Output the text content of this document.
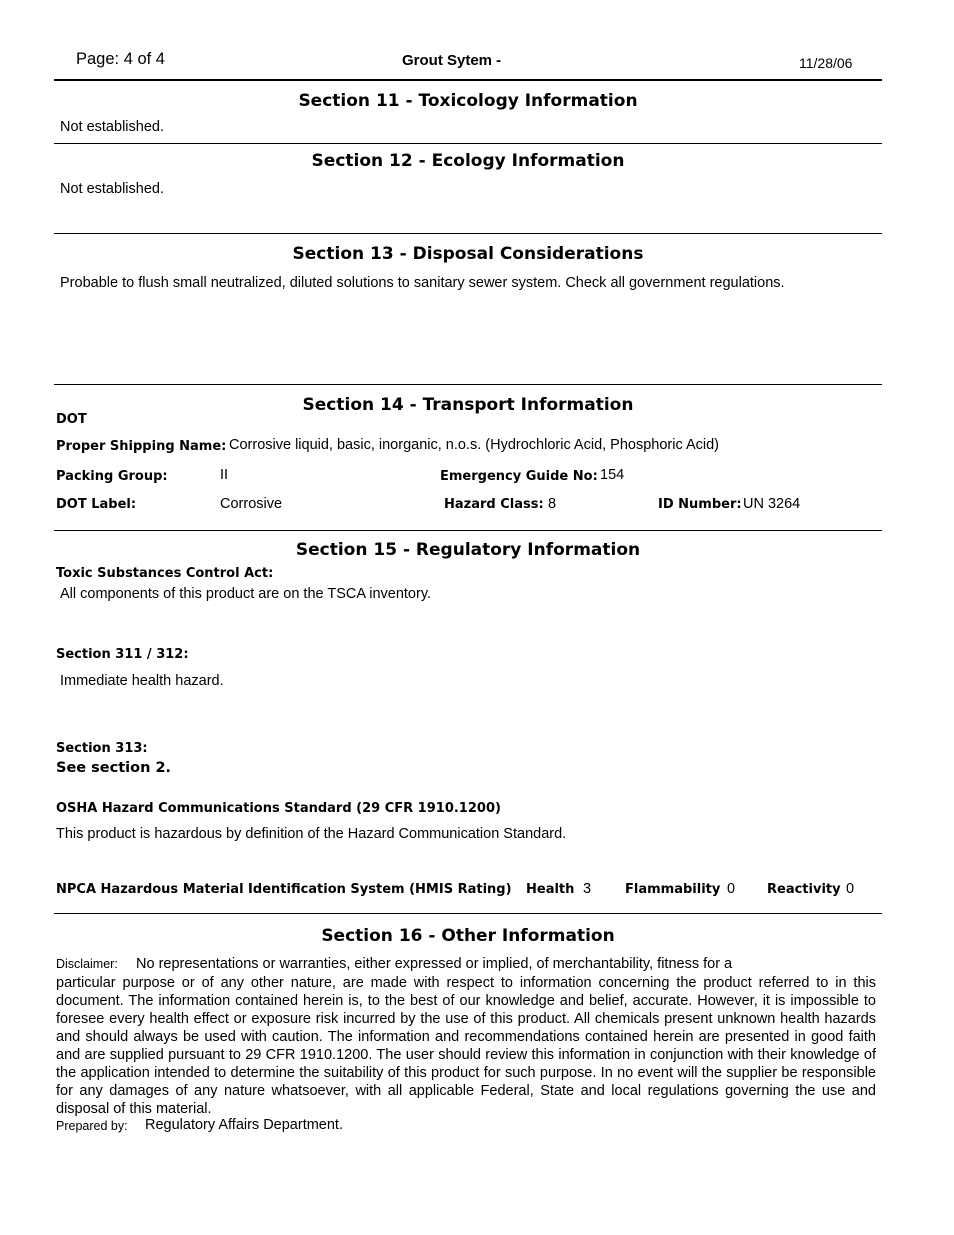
Page: 4 of 4	Grout Sytem -	11/28/06
Section 11 - Toxicology Information
Not established.
Section 12 - Ecology Information
Not established.
Section 13 - Disposal Considerations
Probable to flush small neutralized, diluted solutions to sanitary sewer system. Check all government regulations.
Section 14 - Transport Information
DOT
Proper Shipping Name: Corrosive liquid, basic, inorganic, n.o.s. (Hydrochloric Acid, Phosphoric Acid)
Packing Group:	II	Emergency Guide No: 154
DOT Label:	Corrosive	Hazard Class: 8	ID Number: UN 3264
Section 15 - Regulatory Information
Toxic Substances Control Act:
All components of this product are on the TSCA inventory.
Section 311 / 312:
Immediate health hazard.
Section 313:
See section 2.
OSHA Hazard Communications Standard (29 CFR 1910.1200)
This product is hazardous by definition of the Hazard Communication Standard.
NPCA Hazardous Material Identification System (HMIS Rating) Health 3	Flammability 0 Reactivity 0
Section 16 - Other Information
Disclaimer: No representations or warranties, either expressed or implied, of merchantability, fitness for a
particular purpose or of any other nature, are made with respect to information concerning the product referred to in this document. The information contained herein is, to the best of our knowledge and belief, accurate. However, it is impossible to foresee every health effect or exposure risk incurred by the use of this product. All chemicals present unknown health hazards and should always be used with caution. The information and recommendations contained herein are presented in good faith and are supplied pursuant to 29 CFR 1910.1200. The user should review this information in conjunction with their knowledge of the application intended to determine the suitability of this product for such purpose. In no event will the supplier be responsible for any damages of any nature whatsoever, with all applicable Federal, State and local regulations governing the use and disposal of this material.
Prepared by: Regulatory Affairs Department.
